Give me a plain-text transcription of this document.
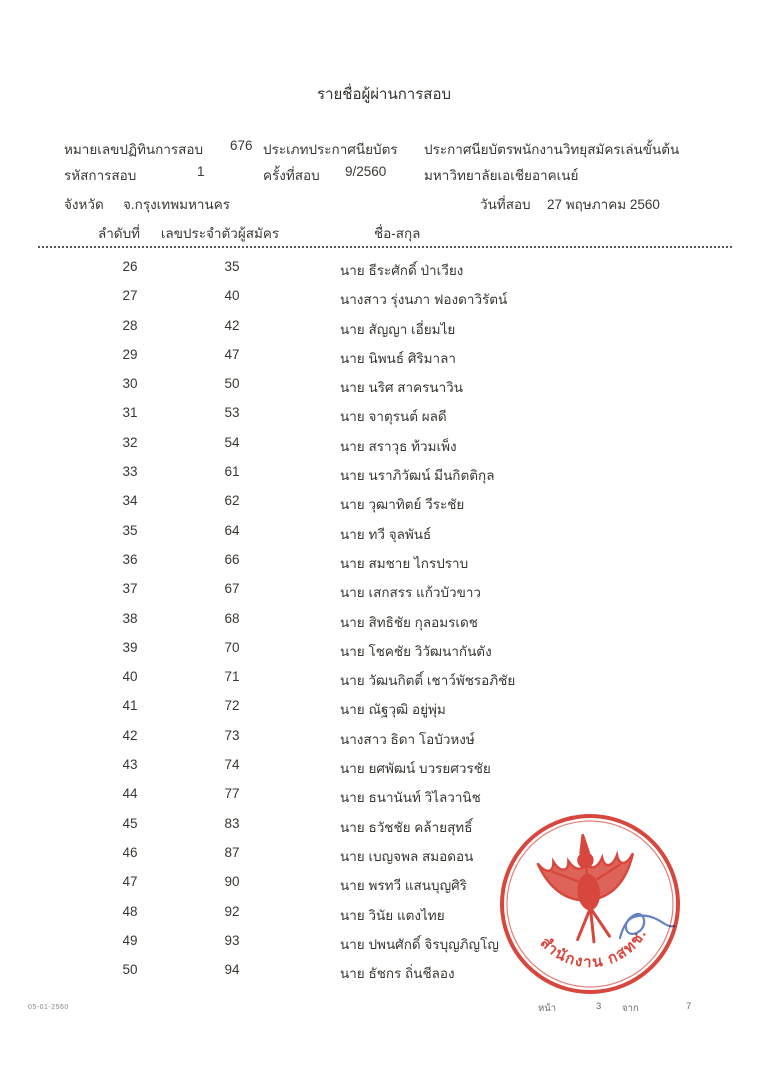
รายชื่อผู้ผ่านการสอบ
หมายเลขปฏิทินการสอบ 676 ประเภทประกาศนียบัตร ประกาศนียบัตรพนักงานวิทยุสมัครเล่นขั้นต้น
รหัสการสอบ	1	ครั้งที่สอบ 9/2560	มหาวิทยาลัยเอเชียอาคเนย์
จังหวัด จ.กรุงเทพมหานคร	วันที่สอบ 27 พฤษภาคม 2560
ลำดับที่	เลขประจำตัวผู้สมัคร	ชื่อ-สกุล
26	35	นาย ธีระศักดิ์ ป่าเวียง
27	40	นางสาว รุ่งนภา ฟองดาวิรัตน์
28	42	นาย สัญญา เอี่ยมไย
29	47	นาย นิพนธ์ ศิริมาลา
30	50	นาย นริศ สาครนาวิน
31	53	นาย จาตุรนต์ ผลดี
32	54	นาย สราวุธ ท้วมเพ็ง
33	61	นาย นราภิวัฒน์ มีนกิตติกุล
34	62	นาย วุฒาทิตย์ วีระชัย
35	64	นาย ทวี จุลพันธ์
36	66	นาย สมชาย ไกรปราบ
37	67	นาย เสกสรร แก้วบัวขาว
38	68	นาย สิทธิชัย กุลอมรเดช
39	70	นาย โชคชัย วิวัฒนากันตัง
40	71	นาย วัฒนกิตติ์ เชาว์พัชรอภิชัย
41	72	นาย ณัฐวุฒิ อยู่พุ่ม
42	73	นางสาว ธิดา โอบัวหงษ์
43	74	นาย ยศพัฒน์ บวรยศวรชัย
44	77	นาย ธนานันท์ วิไลวานิช
45	83	นาย ธวัชชัย คล้ายสุทธิ์
46	87	นาย เบญจพล สมอดอน
47	90	นาย พรทวี แสนบุญศิริ
48	92	นาย วินัย แตงไทย
49	93	นาย ปพนศักดิ์ จิรบุญภิญโญ
50	94	นาย ธัชกร ถิ่นชีลอง
สำนักงาน กสทช.
05-01-2560	หน้า	3 จาก	7
